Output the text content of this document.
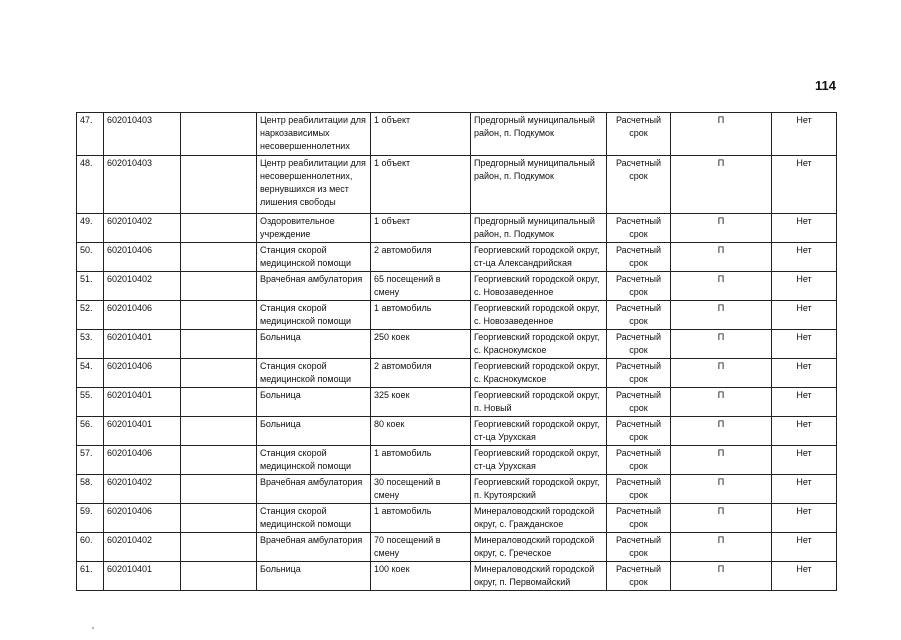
114
47.	602010403		Центр реабилитации для наркозависимых несовершеннолетних	1 объект	Предгорный муниципальный район, п. Подкумок	Расчетный срок	П	Нет
48.	602010403		Центр реабилитации для несовершеннолетних, вернувшихся из мест лишения свободы	1 объект	Предгорный муниципальный район, п. Подкумок	Расчетный срок	П	Нет
49.	602010402		Оздоровительное учреждение	1 объект	Предгорный муниципальный район, п. Подкумок	Расчетный срок	П	Нет
50.	602010406		Станция скорой медицинской помощи	2 автомобиля	Георгиевский городской округ, ст-ца Александрийская	Расчетный срок	П	Нет
51.	602010402		Врачебная амбулатория	65 посещений в смену	Георгиевский городской округ, с. Новозаведенное	Расчетный срок	П	Нет
52.	602010406		Станция скорой медицинской помощи	1 автомобиль	Георгиевский городской округ, с. Новозаведенное	Расчетный срок	П	Нет
53.	602010401		Больница	250 коек	Георгиевский городской округ, с. Краснокумское	Расчетный срок	П	Нет
54.	602010406		Станция скорой медицинской помощи	2 автомобиля	Георгиевский городской округ, с. Краснокумское	Расчетный срок	П	Нет
55.	602010401		Больница	325 коек	Георгиевский городской округ, п. Новый	Расчетный срок	П	Нет
56.	602010401		Больница	80 коек	Георгиевский городской округ, ст-ца Урухская	Расчетный срок	П	Нет
57.	602010406		Станция скорой медицинской помощи	1 автомобиль	Георгиевский городской округ, ст-ца Урухская	Расчетный срок	П	Нет
58.	602010402		Врачебная амбулатория	30 посещений в смену	Георгиевский городской округ, п. Крутоярский	Расчетный срок	П	Нет
59.	602010406		Станция скорой медицинской помощи	1 автомобиль	Минераловодский городской округ, с. Гражданское	Расчетный срок	П	Нет
60.	602010402		Врачебная амбулатория	70 посещений в смену	Минераловодский городской округ, с. Греческое	Расчетный срок	П	Нет
61.	602010401		Больница	100 коек	Минераловодский городской округ, п. Первомайский	Расчетный срок	П	Нет
